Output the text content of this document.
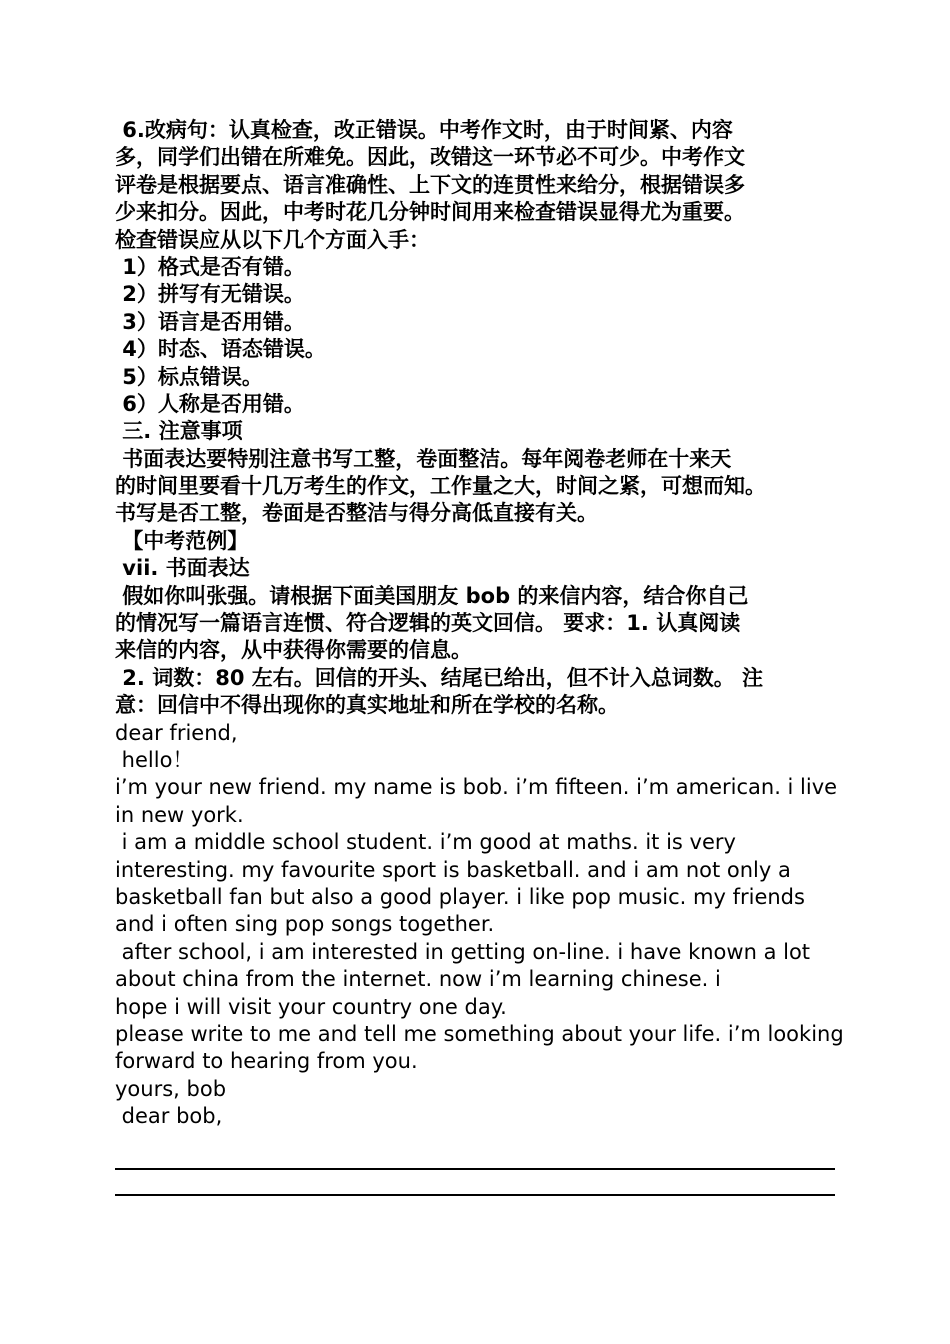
6.改病句：认真检查，改正错误。中考作文时，由于时间紧、内容
多，同学们出错在所难免。因此，改错这一环节必不可少。中考作文
评卷是根据要点、语言准确性、上下文的连贯性来给分，根据错误多
少来扣分。因此，中考时花几分钟时间用来检查错误显得尤为重要。
检查错误应从以下几个方面入手：
1）格式是否有错。
2）拼写有无错误。
3）语言是否用错。
4）时态、语态错误。
5）标点错误。
6）人称是否用错。
三. 注意事项
书面表达要特别注意书写工整，卷面整洁。每年阅卷老师在十来天
的时间里要看十几万考生的作文，工作量之大，时间之紧，可想而知。
书写是否工整，卷面是否整洁与得分高低直接有关。
【中考范例】
vii. 书面表达
假如你叫张强。请根据下面美国朋友 bob 的来信内容，结合你自己
的情况写一篇语言连惯、符合逻辑的英文回信。 要求：1. 认真阅读
来信的内容，从中获得你需要的信息。
2. 词数：80 左右。回信的开头、结尾已给出，但不计入总词数。 注
意：回信中不得出现你的真实地址和所在学校的名称。
dear friend,
hello！
i’m your new friend. my name is bob. i’m fifteen. i’m american. i live
in new york.
i am a middle school student. i’m good at maths. it is very
interesting. my favourite sport is basketball. and i am not only a
basketball fan but also a good player. i like pop music. my friends
and i often sing pop songs together.
after school, i am interested in getting on-line. i have known a lot
about china from the internet. now i’m learning chinese. i
hope i will visit your country one day.
please write to me and tell me something about your life. i’m looking
forward to hearing from you.
yours, bob
dear bob,
